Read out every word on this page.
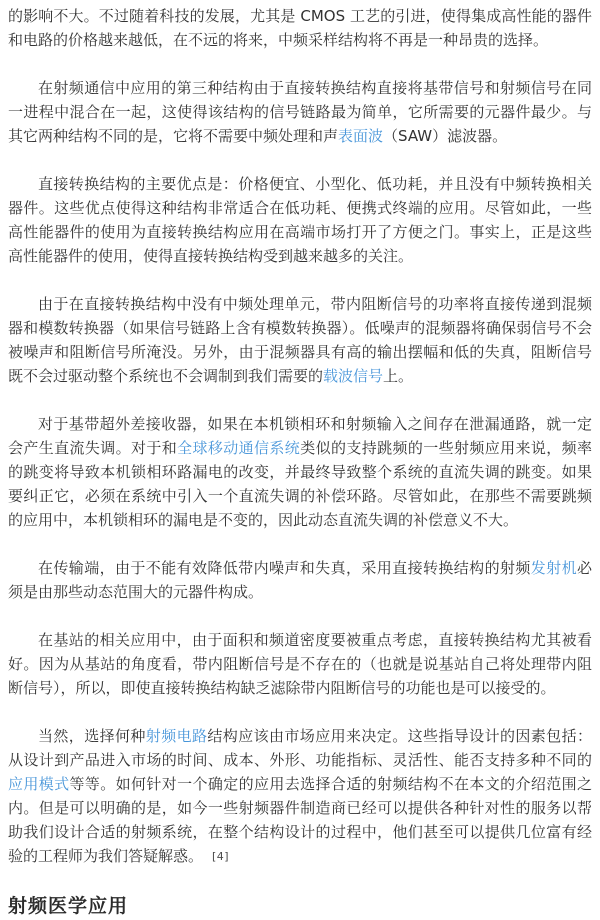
的影响不大。不过随着科技的发展，尤其是 CMOS 工艺的引进，使得集成高性能的器件和电路的价格越来越低，在不远的将来，中频采样结构将不再是一种昂贵的选择。

在射频通信中应用的第三种结构由于直接转换结构直接将基带信号和射频信号在同一进程中混合在一起，这使得该结构的信号链路最为简单，它所需要的元器件最少。与其它两种结构不同的是，它将不需要中频处理和声表面波（SAW）滤波器。

直接转换结构的主要优点是：价格便宜、小型化、低功耗，并且没有中频转换相关器件。这些优点使得这种结构非常适合在低功耗、便携式终端的应用。尽管如此，一些高性能器件的使用为直接转换结构应用在高端市场打开了方便之门。事实上，正是这些高性能器件的使用，使得直接转换结构受到越来越多的关注。

由于在直接转换结构中没有中频处理单元，带内阻断信号的功率将直接传递到混频器和模数转换器（如果信号链路上含有模数转换器）。低噪声的混频器将确保弱信号不会被噪声和阻断信号所淹没。另外，由于混频器具有高的输出摆幅和低的失真，阻断信号既不会过驱动整个系统也不会调制到我们需要的载波信号上。

对于基带超外差接收器，如果在本机锁相环和射频输入之间存在泄漏通路，就一定会产生直流失调。对于和全球移动通信系统类似的支持跳频的一些射频应用来说，频率的跳变将导致本机锁相环路漏电的改变，并最终导致整个系统的直流失调的跳变。如果要纠正它，必须在系统中引入一个直流失调的补偿环路。尽管如此，在那些不需要跳频的应用中，本机锁相环的漏电是不变的，因此动态直流失调的补偿意义不大。

在传输端，由于不能有效降低带内噪声和失真，采用直接转换结构的射频发射机必须是由那些动态范围大的元器件构成。

在基站的相关应用中，由于面积和频道密度要被重点考虑，直接转换结构尤其被看好。因为从基站的角度看，带内阻断信号是不存在的（也就是说基站自己将处理带内阻断信号），所以，即使直接转换结构缺乏滤除带内阻断信号的功能也是可以接受的。

当然，选择何种射频电路结构应该由市场应用来决定。这些指导设计的因素包括：从设计到产品进入市场的时间、成本、外形、功能指标、灵活性、能否支持多种不同的应用模式等等。如何针对一个确定的应用去选择合适的射频结构不在本文的介绍范围之内。但是可以明确的是，如今一些射频器件制造商已经可以提供各种针对性的服务以帮助我们设计合适的射频系统，在整个结构设计的过程中，他们甚至可以提供几位富有经验的工程师为我们答疑解惑。 [4]

射频医学应用
